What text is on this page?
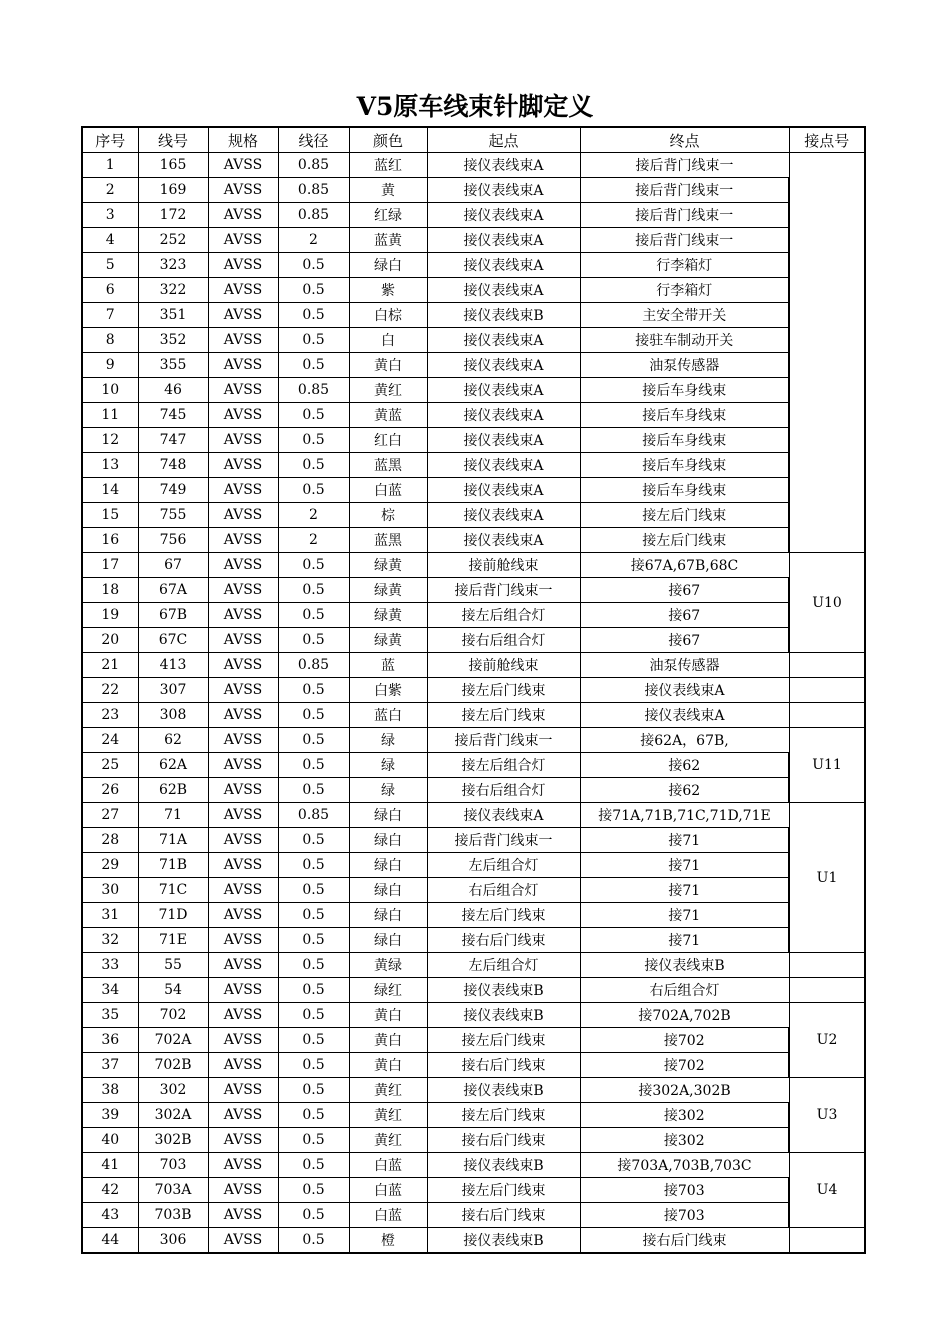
V5原车线束针脚定义
序号	线号	规格	线径	颜色	起点	终点	接点号
1	165	AVSS	0.85	蓝红	接仪表线束A	接后背门线束一	
2	169	AVSS	0.85	黄	接仪表线束A	接后背门线束一	
3	172	AVSS	0.85	红绿	接仪表线束A	接后背门线束一	
4	252	AVSS	2	蓝黄	接仪表线束A	接后背门线束一	
5	323	AVSS	0.5	绿白	接仪表线束A	行李箱灯	
6	322	AVSS	0.5	紫	接仪表线束A	行李箱灯	
7	351	AVSS	0.5	白棕	接仪表线束B	主安全带开关	
8	352	AVSS	0.5	白	接仪表线束A	接驻车制动开关	
9	355	AVSS	0.5	黄白	接仪表线束A	油泵传感器	
10	46	AVSS	0.85	黄红	接仪表线束A	接后车身线束	
11	745	AVSS	0.5	黄蓝	接仪表线束A	接后车身线束	
12	747	AVSS	0.5	红白	接仪表线束A	接后车身线束	
13	748	AVSS	0.5	蓝黑	接仪表线束A	接后车身线束	
14	749	AVSS	0.5	白蓝	接仪表线束A	接后车身线束	
15	755	AVSS	2	棕	接仪表线束A	接左后门线束	
16	756	AVSS	2	蓝黑	接仪表线束A	接左后门线束	
17	67	AVSS	0.5	绿黄	接前舱线束	接67A,67B,68C	U10
18	67A	AVSS	0.5	绿黄	接后背门线束一	接67	
19	67B	AVSS	0.5	绿黄	接左后组合灯	接67	
20	67C	AVSS	0.5	绿黄	接右后组合灯	接67	
21	413	AVSS	0.85	蓝	接前舱线束	油泵传感器	
22	307	AVSS	0.5	白紫	接左后门线束	接仪表线束A	
23	308	AVSS	0.5	蓝白	接左后门线束	接仪表线束A	
24	62	AVSS	0.5	绿	接后背门线束一	接62A，67B,	U11
25	62A	AVSS	0.5	绿	接左后组合灯	接62	
26	62B	AVSS	0.5	绿	接右后组合灯	接62	
27	71	AVSS	0.85	绿白	接仪表线束A	接71A,71B,71C,71D,71E	U1
28	71A	AVSS	0.5	绿白	接后背门线束一	接71	
29	71B	AVSS	0.5	绿白	左后组合灯	接71	
30	71C	AVSS	0.5	绿白	右后组合灯	接71	
31	71D	AVSS	0.5	绿白	接左后门线束	接71	
32	71E	AVSS	0.5	绿白	接右后门线束	接71	
33	55	AVSS	0.5	黄绿	左后组合灯	接仪表线束B	
34	54	AVSS	0.5	绿红	接仪表线束B	右后组合灯	
35	702	AVSS	0.5	黄白	接仪表线束B	接702A,702B	U2
36	702A	AVSS	0.5	黄白	接左后门线束	接702	
37	702B	AVSS	0.5	黄白	接右后门线束	接702	
38	302	AVSS	0.5	黄红	接仪表线束B	接302A,302B	U3
39	302A	AVSS	0.5	黄红	接左后门线束	接302	
40	302B	AVSS	0.5	黄红	接右后门线束	接302	
41	703	AVSS	0.5	白蓝	接仪表线束B	接703A,703B,703C	U4
42	703A	AVSS	0.5	白蓝	接左后门线束	接703	
43	703B	AVSS	0.5	白蓝	接右后门线束	接703	
44	306	AVSS	0.5	橙	接仪表线束B	接右后门线束	
